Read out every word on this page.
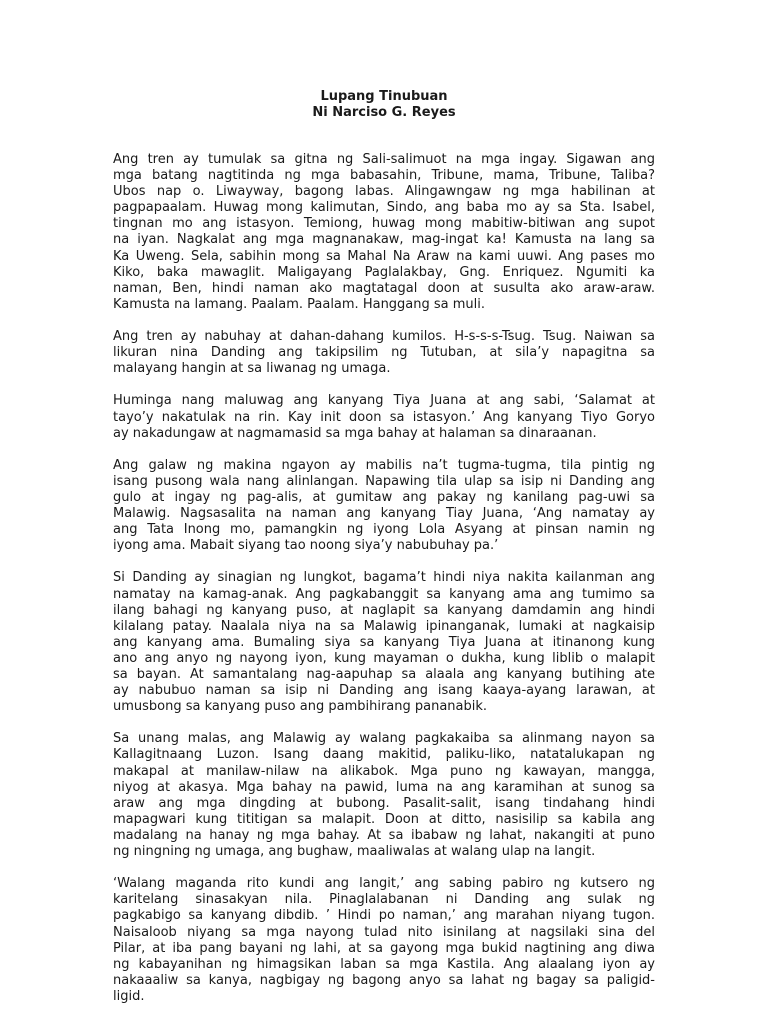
Lupang Tinubuan
Ni Narciso G. Reyes
Ang tren ay tumulak sa gitna ng Sali-salimuot na mga ingay. Sigawan ang
mga batang nagtitinda ng mga babasahin, Tribune, mama, Tribune, Taliba?
Ubos nap o. Liwayway, bagong labas. Alingawngaw ng mga habilinan at
pagpapaalam. Huwag mong kalimutan, Sindo, ang baba mo ay sa Sta. Isabel,
tingnan mo ang istasyon. Temiong, huwag mong mabitiw-bitiwan ang supot
na iyan. Nagkalat ang mga magnanakaw, mag-ingat ka! Kamusta na lang sa
Ka Uweng. Sela, sabihin mong sa Mahal Na Araw na kami uuwi. Ang pases mo
Kiko, baka mawaglit. Maligayang Paglalakbay, Gng. Enriquez. Ngumiti ka
naman, Ben, hindi naman ako magtatagal doon at susulta ako araw-araw.
Kamusta na lamang. Paalam. Paalam. Hanggang sa muli.
Ang tren ay nabuhay at dahan-dahang kumilos. H-s-s-s-Tsug. Tsug. Naiwan sa
likuran nina Danding ang takipsilim ng Tutuban, at sila’y napagitna sa
malayang hangin at sa liwanag ng umaga.
Huminga nang maluwag ang kanyang Tiya Juana at ang sabi, ‘Salamat at
tayo’y nakatulak na rin. Kay init doon sa istasyon.’ Ang kanyang Tiyo Goryo
ay nakadungaw at nagmamasid sa mga bahay at halaman sa dinaraanan.
Ang galaw ng makina ngayon ay mabilis na’t tugma-tugma, tila pintig ng
isang pusong wala nang alinlangan. Napawing tila ulap sa isip ni Danding ang
gulo at ingay ng pag-alis, at gumitaw ang pakay ng kanilang pag-uwi sa
Malawig. Nagsasalita na naman ang kanyang Tiay Juana, ‘Ang namatay ay
ang Tata Inong mo, pamangkin ng iyong Lola Asyang at pinsan namin ng
iyong ama. Mabait siyang tao noong siya’y nabubuhay pa.’
Si Danding ay sinagian ng lungkot, bagama’t hindi niya nakita kailanman ang
namatay na kamag-anak. Ang pagkabanggit sa kanyang ama ang tumimo sa
ilang bahagi ng kanyang puso, at naglapit sa kanyang damdamin ang hindi
kilalang patay. Naalala niya na sa Malawig ipinanganak, lumaki at nagkaisip
ang kanyang ama. Bumaling siya sa kanyang Tiya Juana at itinanong kung
ano ang anyo ng nayong iyon, kung mayaman o dukha, kung liblib o malapit
sa bayan. At samantalang nag-aapuhap sa alaala ang kanyang butihing ate
ay nabubuo naman sa isip ni Danding ang isang kaaya-ayang larawan, at
umusbong sa kanyang puso ang pambihirang pananabik.
Sa unang malas, ang Malawig ay walang pagkakaiba sa alinmang nayon sa
Kallagitnaang Luzon. Isang daang makitid, paliku-liko, natatalukapan ng
makapal at manilaw-nilaw na alikabok. Mga puno ng kawayan, mangga,
niyog at akasya. Mga bahay na pawid, luma na ang karamihan at sunog sa
araw ang mga dingding at bubong. Pasalit-salit, isang tindahang hindi
mapagwari kung tititigan sa malapit. Doon at ditto, nasisilip sa kabila ang
madalang na hanay ng mga bahay. At sa ibabaw ng lahat, nakangiti at puno
ng ningning ng umaga, ang bughaw, maaliwalas at walang ulap na langit.
‘Walang maganda rito kundi ang langit,’ ang sabing pabiro ng kutsero ng
karitelang sinasakyan nila. Pinaglalabanan ni Danding ang sulak ng
pagkabigo sa kanyang dibdib. ’ Hindi po naman,’ ang marahan niyang tugon.
Naisaloob niyang sa mga nayong tulad nito isinilang at nagsilaki sina del
Pilar, at iba pang bayani ng lahi, at sa gayong mga bukid nagtining ang diwa
ng kabayanihan ng himagsikan laban sa mga Kastila. Ang alaalang iyon ay
nakaaaliw sa kanya, nagbigay ng bagong anyo sa lahat ng bagay sa paligid-
ligid.
